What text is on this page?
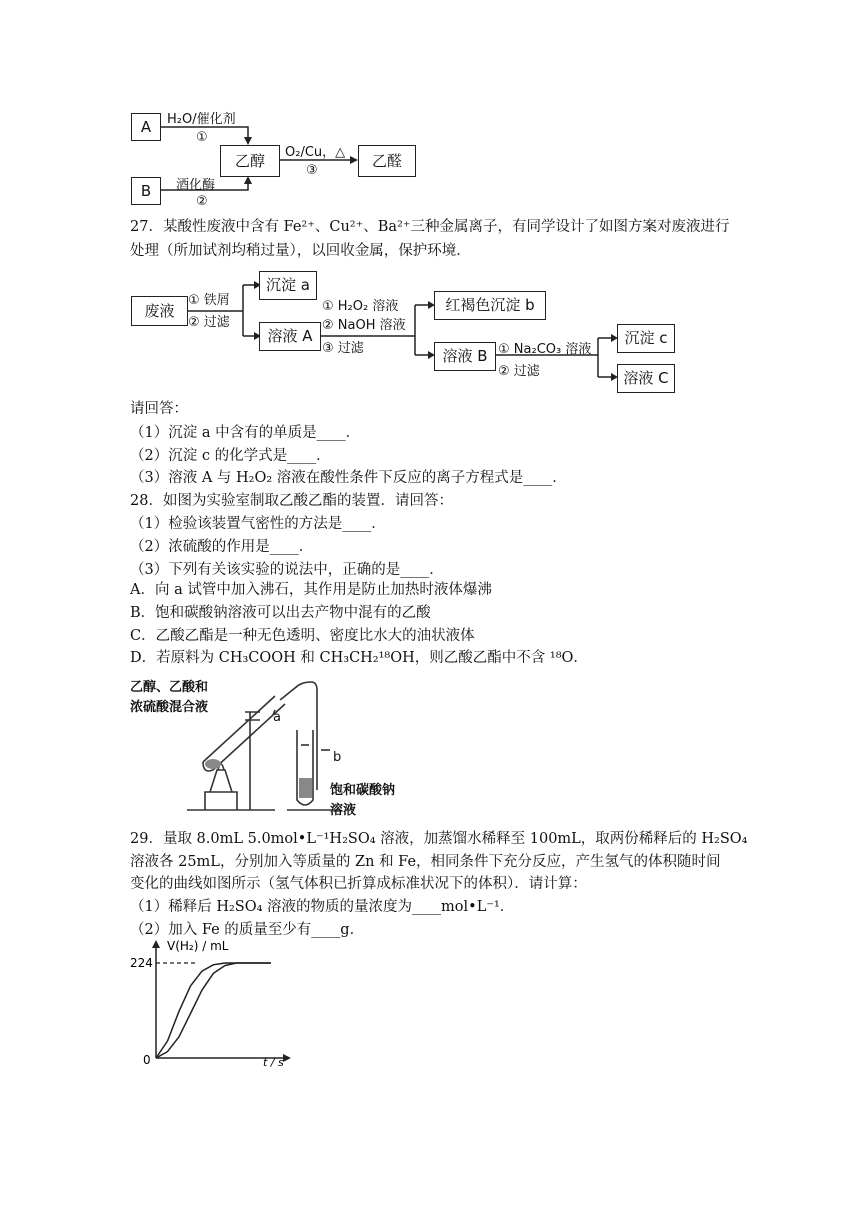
A
B
乙醇	乙醛
H₂O/催化剂
①
酒化酶
②
O₂/Cu，△
③
27．某酸性废液中含有 Fe²⁺、Cu²⁺、Ba²⁺三种金属离子，有同学设计了如图方案对废液进行
处理（所加试剂均稍过量），以回收金属，保护环境．
废液
① 铁屑
② 过滤
沉淀 a
溶液 A
① H₂O₂ 溶液
② NaOH 溶液
③ 过滤
红褐色沉淀 b
溶液 B ① Na₂CO₃ 溶液
② 过滤
沉淀 c
溶液 C
请回答：
（1）沉淀 a 中含有的单质是____．
（2）沉淀 c 的化学式是____．
（3）溶液 A 与 H₂O₂ 溶液在酸性条件下反应的离子方程式是____．
28．如图为实验室制取乙酸乙酯的装置．请回答：
（1）检验该装置气密性的方法是____．
（2）浓硫酸的作用是____．
（3）下列有关该实验的说法中，正确的是____．
A．向 a 试管中加入沸石，其作用是防止加热时液体爆沸
B．饱和碳酸钠溶液可以出去产物中混有的乙酸
C．乙酸乙酯是一种无色透明、密度比水大的油状液体
D．若原料为 CH₃COOH 和 CH₃CH₂¹⁸OH，则乙酸乙酯中不含 ¹⁸O．
乙醇、乙酸和
浓硫酸混合液
a
b
饱和碳酸钠
溶液
29．量取 8.0mL 5.0mol•L⁻¹H₂SO₄ 溶液，加蒸馏水稀释至 100mL，取两份稀释后的 H₂SO₄
溶液各 25mL，分别加入等质量的 Zn 和 Fe，相同条件下充分反应，产生氢气的体积随时间
变化的曲线如图所示（氢气体积已折算成标准状况下的体积）．请计算：
（1）稀释后 H₂SO₄ 溶液的物质的量浓度为____mol•L⁻¹．
（2）加入 Fe 的质量至少有____g．
V(H₂) / mL
t / s
224
0
